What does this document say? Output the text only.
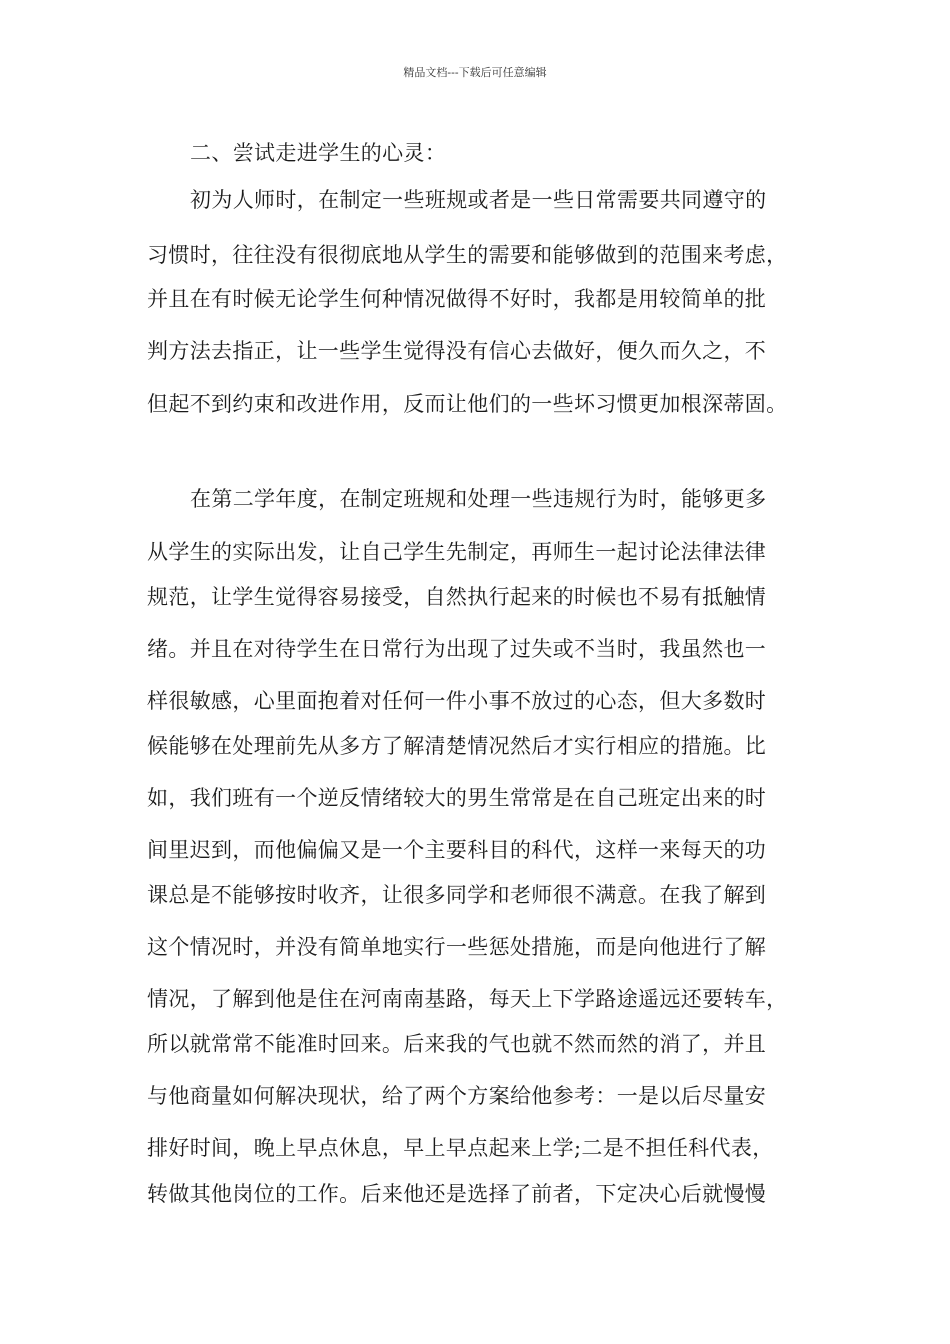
精品文档---下载后可任意编辑
二、尝试走进学生的心灵：
初为人师时，在制定一些班规或者是一些日常需要共同遵守的
习惯时，往往没有很彻底地从学生的需要和能够做到的范围来考虑，
并且在有时候无论学生何种情况做得不好时，我都是用较简单的批
判方法去指正，让一些学生觉得没有信心去做好，便久而久之，不
但起不到约束和改进作用，反而让他们的一些坏习惯更加根深蒂固。
在第二学年度，在制定班规和处理一些违规行为时，能够更多
从学生的实际出发，让自己学生先制定，再师生一起讨论法律法律
规范，让学生觉得容易接受，自然执行起来的时候也不易有抵触情
绪。并且在对待学生在日常行为出现了过失或不当时，我虽然也一
样很敏感，心里面抱着对任何一件小事不放过的心态，但大多数时
候能够在处理前先从多方了解清楚情况然后才实行相应的措施。比
如，我们班有一个逆反情绪较大的男生常常是在自己班定出来的时
间里迟到，而他偏偏又是一个主要科目的科代，这样一来每天的功
课总是不能够按时收齐，让很多同学和老师很不满意。在我了解到
这个情况时，并没有简单地实行一些惩处措施，而是向他进行了解
情况，了解到他是住在河南南基路，每天上下学路途遥远还要转车，
所以就常常不能准时回来。后来我的气也就不然而然的消了，并且
与他商量如何解决现状，给了两个方案给他参考：一是以后尽量安
排好时间，晚上早点休息，早上早点起来上学;二是不担任科代表，
转做其他岗位的工作。后来他还是选择了前者，下定决心后就慢慢
